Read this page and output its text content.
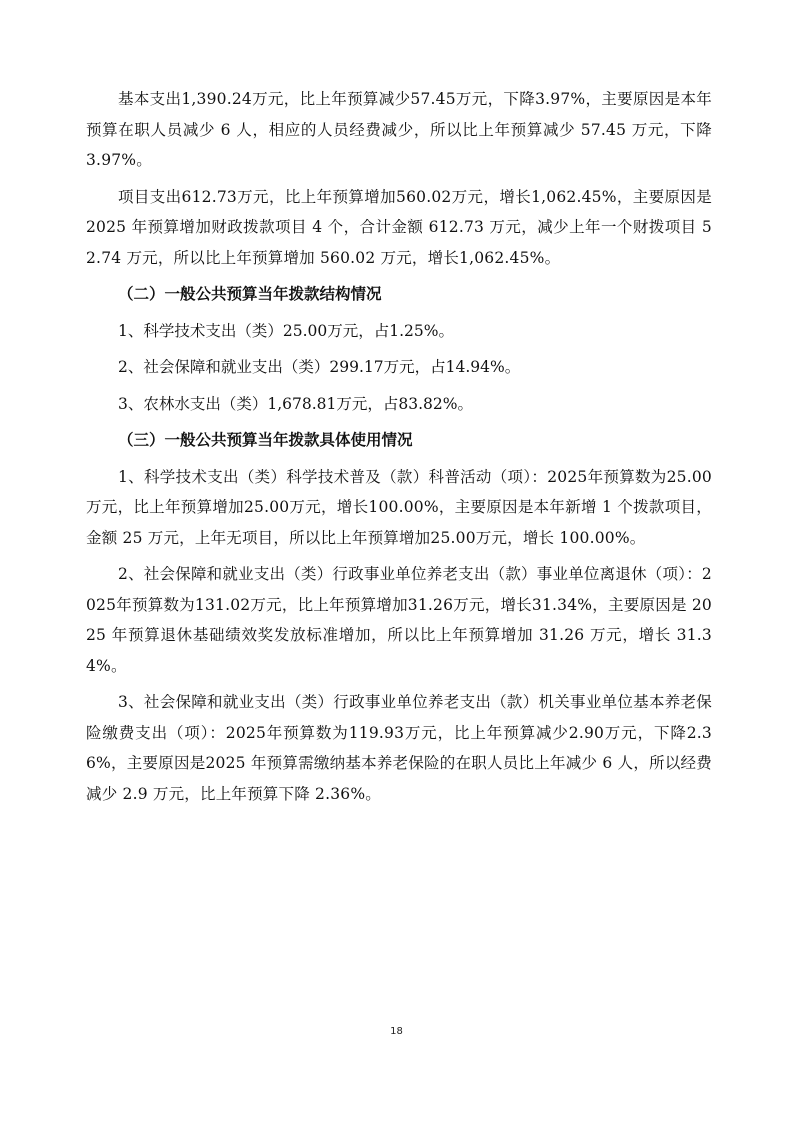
基本支出1,390.24万元，比上年预算减少57.45万元，下降3.97%，主要原因是本年预算在职人员减少 6 人，相应的人员经费减少，所以比上年预算减少 57.45 万元，下降 3.97%。

项目支出612.73万元，比上年预算增加560.02万元，增长1,062.45%，主要原因是2025 年预算增加财政拨款项目 4 个，合计金额 612.73 万元，减少上年一个财拨项目 52.74 万元，所以比上年预算增加 560.02 万元，增长1,062.45%。

（二）一般公共预算当年拨款结构情况

1、科学技术支出（类）25.00万元，占1.25%。

2、社会保障和就业支出（类）299.17万元，占14.94%。

3、农林水支出（类）1,678.81万元，占83.82%。

（三）一般公共预算当年拨款具体使用情况

1、科学技术支出（类）科学技术普及（款）科普活动（项）：2025年预算数为25.00万元，比上年预算增加25.00万元，增长100.00%，主要原因是本年新增 1 个拨款项目，金额 25 万元，上年无项目，所以比上年预算增加25.00万元，增长 100.00%。

2、社会保障和就业支出（类）行政事业单位养老支出（款）事业单位离退休（项）：2025年预算数为131.02万元，比上年预算增加31.26万元，增长31.34%，主要原因是 2025 年预算退休基础绩效奖发放标准增加，所以比上年预算增加 31.26 万元，增长 31.34%。

3、社会保障和就业支出（类）行政事业单位养老支出（款）机关事业单位基本养老保险缴费支出（项）：2025年预算数为119.93万元，比上年预算减少2.90万元，下降2.36%，主要原因是2025 年预算需缴纳基本养老保险的在职人员比上年减少 6 人，所以经费减少 2.9 万元，比上年预算下降 2.36%。

18
